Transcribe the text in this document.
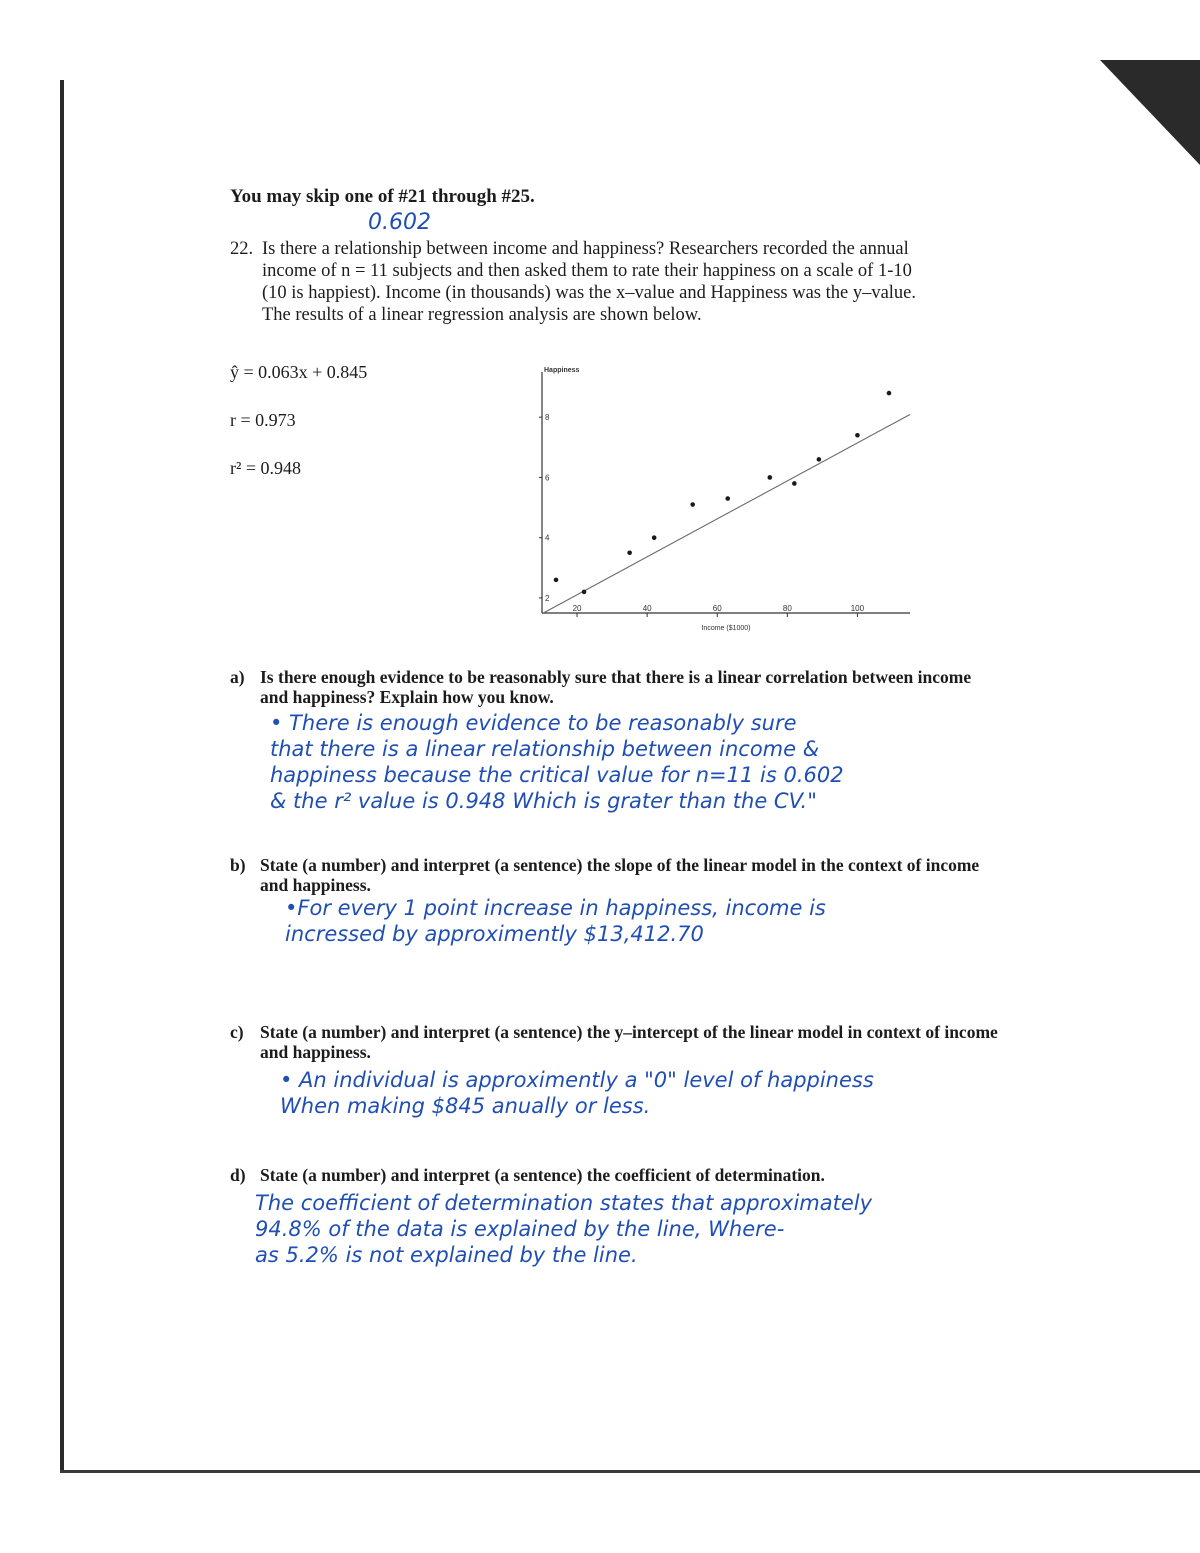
You may skip one of #21 through #25.
0.602
22. Is there a relationship between income and happiness? Researchers recorded the annual
income of n = 11 subjects and then asked them to rate their happiness on a scale of 1-10
(10 is happiest). Income (in thousands) was the x–value and Happiness was the y–value.
The results of a linear regression analysis are shown below.
ŷ = 0.063x + 0.845
r = 0.973
r² = 0.948
20	40	60	80	100
2
4
6
8
Happiness
Income ($1000)
a) Is there enough evidence to be reasonably sure that there is a linear correlation between income and happiness? Explain how you know.
• There is enough evidence to be reasonably sure
that there is a linear relationship between income &
happiness because the critical value for n=11 is 0.602
& the r² value is 0.948 Which is grater than the CV."
b) State (a number) and interpret (a sentence) the slope of the linear model in the context of income and happiness.
•For every 1 point increase in happiness, income is
incressed by approximently $13,412.70
c) State (a number) and interpret (a sentence) the y–intercept of the linear model in context of income and happiness.
• An individual is approximently a "0" level of happiness
When making $845 anually or less.
d) State (a number) and interpret (a sentence) the coefficient of determination.
The coefficient of determination states that approximately
94.8% of the data is explained by the line, Where-
as 5.2% is not explained by the line.
